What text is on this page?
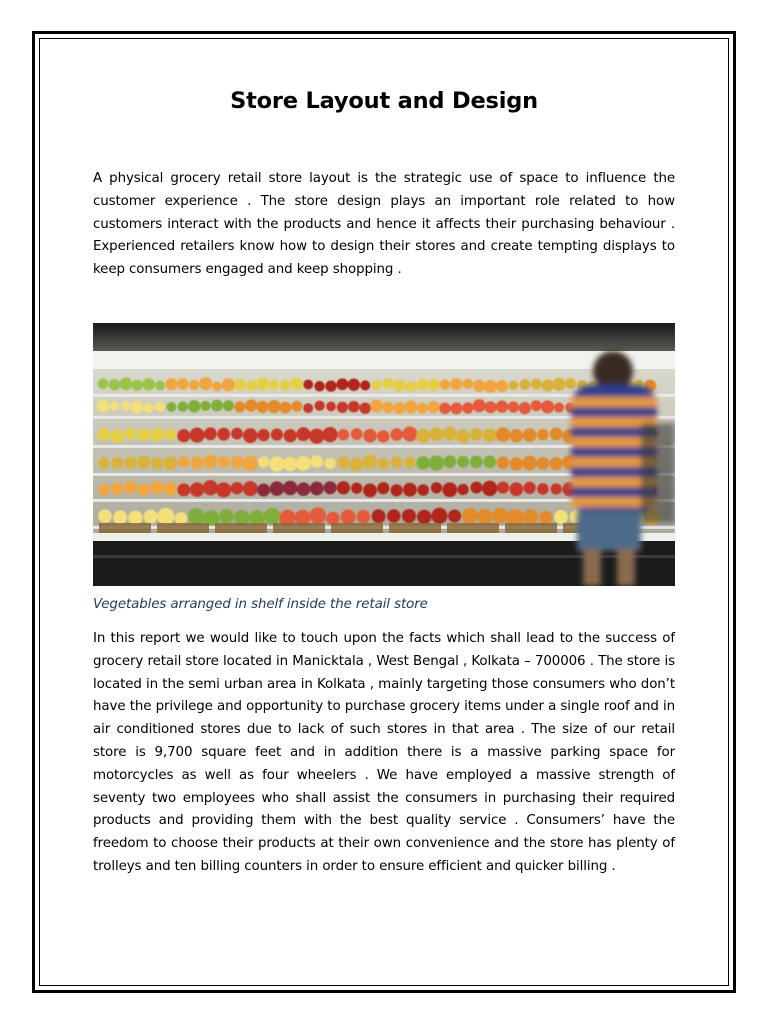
Store Layout and Design
A physical grocery retail store layout is the strategic use of space to influence the customer experience . The store design plays an important role related to how customers interact with the products and hence it affects their purchasing behaviour . Experienced retailers know how to design their stores and create tempting displays to keep consumers engaged and keep shopping .
Vegetables arranged in shelf inside the retail store
In this report we would like to touch upon the facts which shall lead to the success of grocery retail store located in Manicktala , West Bengal , Kolkata – 700006 . The store is located in the semi urban area in Kolkata , mainly targeting those consumers who don’t have the privilege and opportunity to purchase grocery items under a single roof and in air conditioned stores due to lack of such stores in that area . The size of our retail store is 9,700 square feet and in addition there is a massive parking space for motorcycles as well as four wheelers . We have employed a massive strength of seventy two employees who shall assist the consumers in purchasing their required products and providing them with the best quality service . Consumers’ have the freedom to choose their products at their own convenience and the store has plenty of trolleys and ten billing counters in order to ensure efficient and quicker billing .
